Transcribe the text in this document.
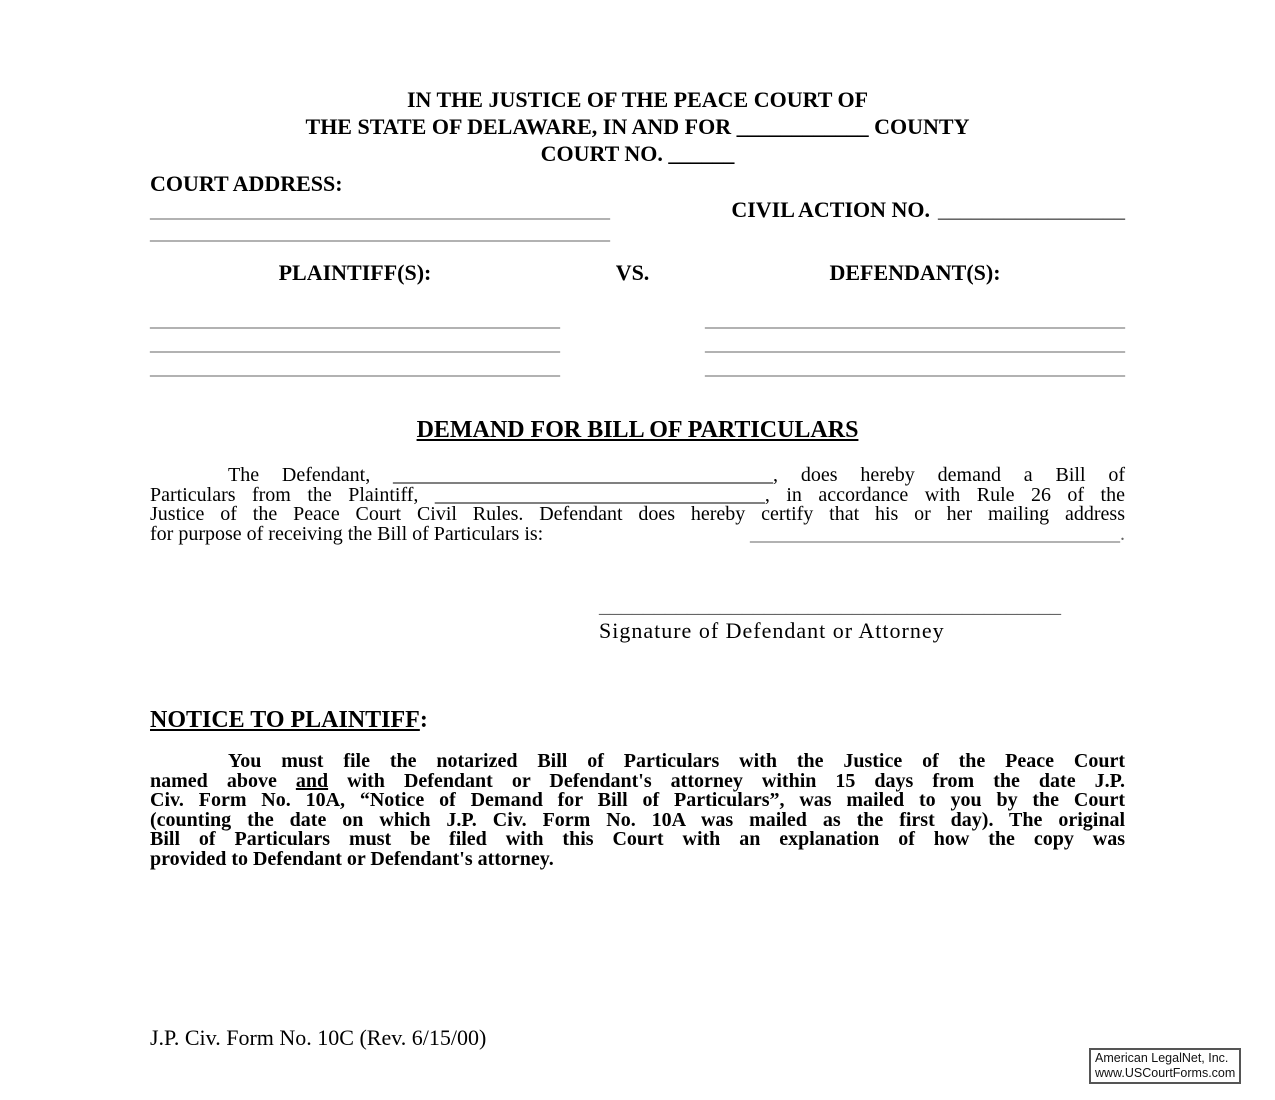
IN THE JUSTICE OF THE PEACE COURT OF
THE STATE OF DELAWARE, IN AND FOR ____________ COUNTY
COURT NO. ______
COURT ADDRESS:
______________________________________________	CIVIL ACTION NO. _________________
______________________________________________
PLAINTIFF(S):	VS.	DEFENDANT(S):
_________________________________________
_________________________________________
_________________________________________
__________________________________________
__________________________________________
__________________________________________
DEMAND FOR BILL OF PARTICULARS
The Defendant, ______________________________________, does hereby demand a Bill of
Particulars from the Plaintiff, _________________________________, in accordance with Rule 26 of the
Justice of the Peace Court Civil Rules. Defendant does hereby certify that his or her mailing address
for purpose of receiving the Bill of Particulars is:	_____________________________________.
__________________________________________
Signature of Defendant or Attorney
NOTICE TO PLAINTIFF:
You must file the notarized Bill of Particulars with the Justice of the Peace Court
named above and with Defendant or Defendant's attorney within 15 days from the date J.P.
Civ. Form No. 10A, “Notice of Demand for Bill of Particulars”, was mailed to you by the Court
(counting the date on which J.P. Civ. Form No. 10A was mailed as the first day). The original
Bill of Particulars must be filed with this Court with an explanation of how the copy was
provided to Defendant or Defendant's attorney.
J.P. Civ. Form No. 10C (Rev. 6/15/00)
American LegalNet, Inc.
www.USCourtForms.com
